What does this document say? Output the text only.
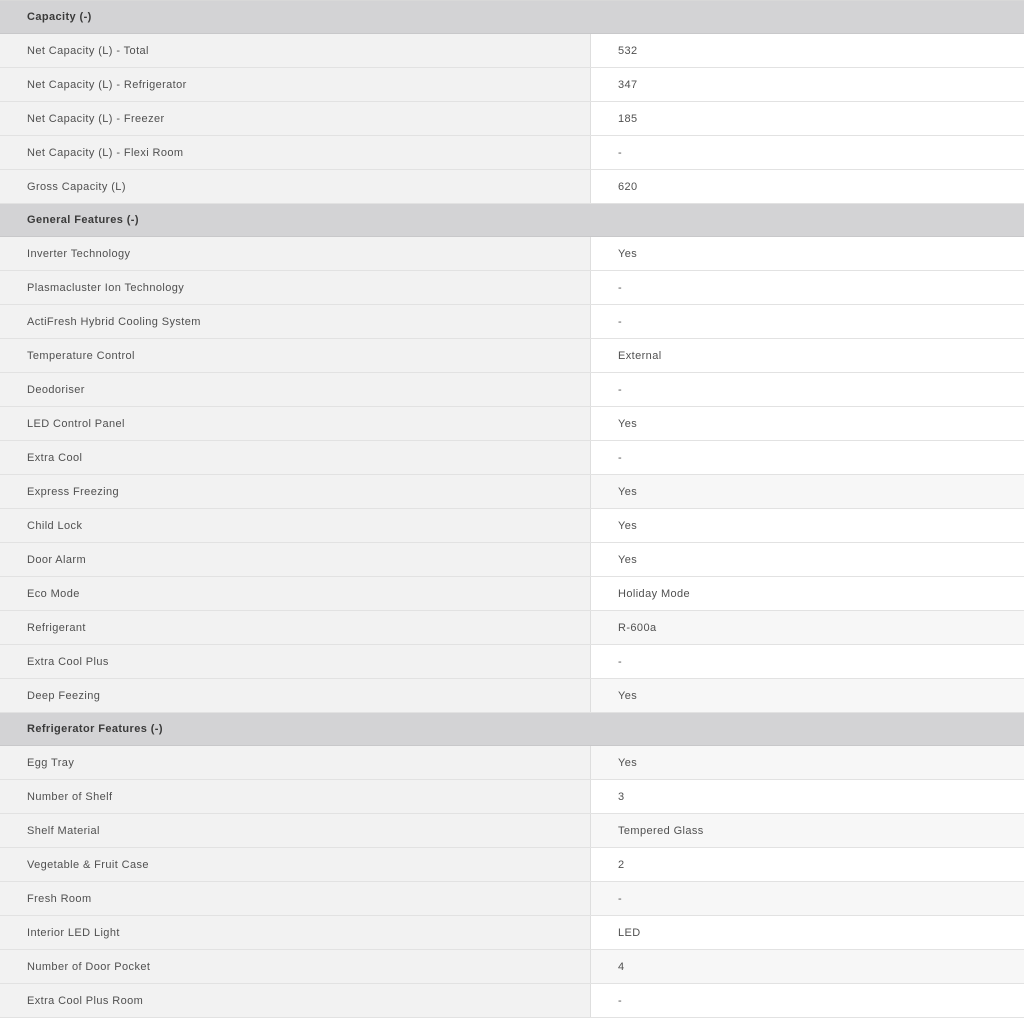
Capacity (-)
Net Capacity (L) - Total	532
Net Capacity (L) - Refrigerator	347
Net Capacity (L) - Freezer	185
Net Capacity (L) - Flexi Room	-
Gross Capacity (L)	620
General Features (-)
Inverter Technology	Yes
Plasmacluster Ion Technology	-
ActiFresh Hybrid Cooling System	-
Temperature Control	External
Deodoriser	-
LED Control Panel	Yes
Extra Cool	-
Express Freezing	Yes
Child Lock	Yes
Door Alarm	Yes
Eco Mode	Holiday Mode
Refrigerant	R-600a
Extra Cool Plus	-
Deep Feezing	Yes
Refrigerator Features (-)
Egg Tray	Yes
Number of Shelf	3
Shelf Material	Tempered Glass
Vegetable & Fruit Case	2
Fresh Room	-
Interior LED Light	LED
Number of Door Pocket	4
Extra Cool Plus Room	-
